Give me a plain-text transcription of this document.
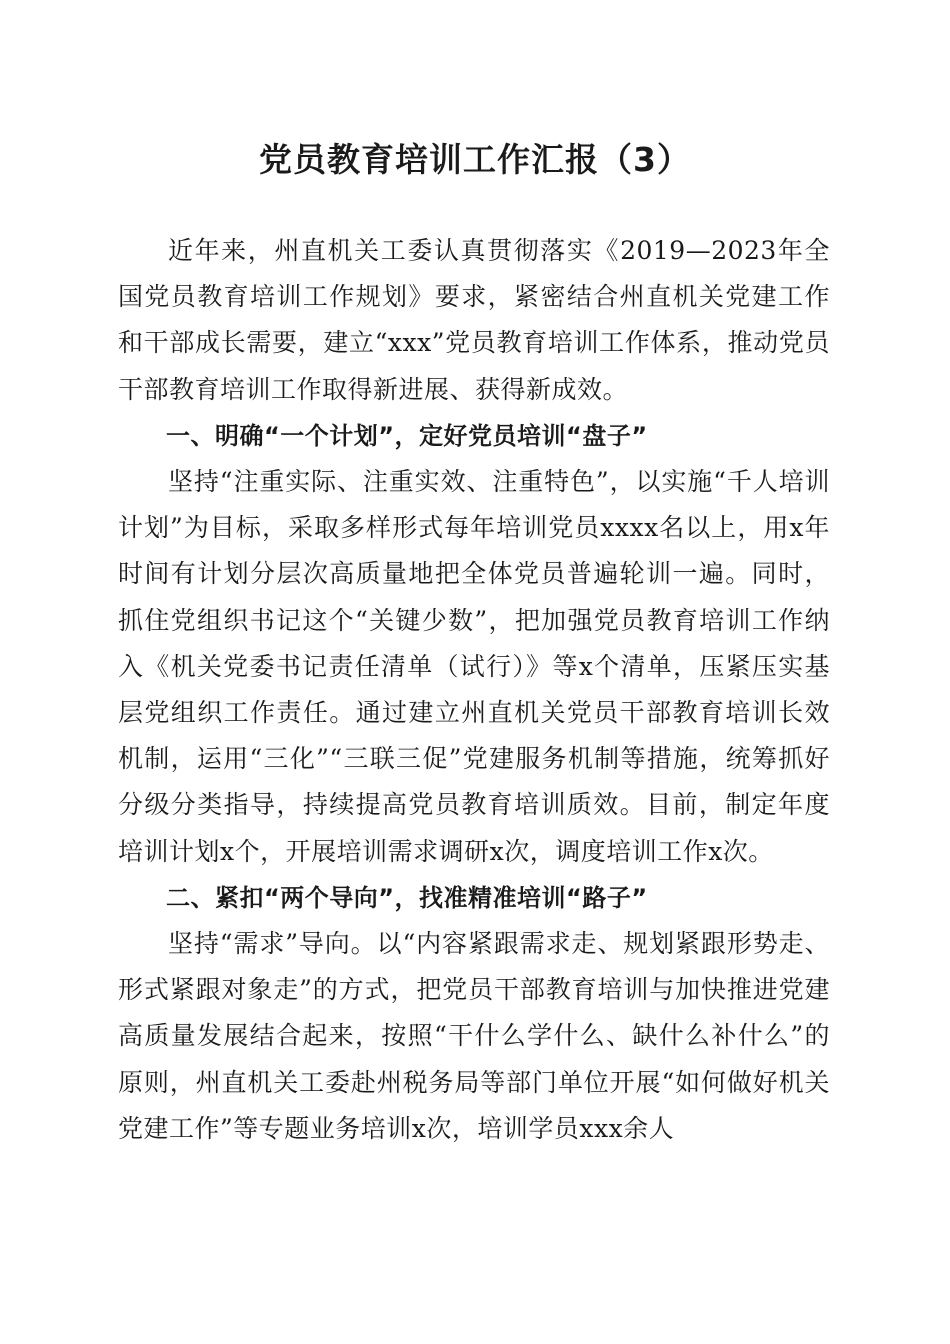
党员教育培训工作汇报（3）

近年来，州直机关工委认真贯彻落实《2019—2023年全国党员教育培训工作规划》要求，紧密结合州直机关党建工作和干部成长需要，建立“xxx”党员教育培训工作体系，推动党员干部教育培训工作取得新进展、获得新成效。

一、明确“一个计划”，定好党员培训“盘子”

坚持“注重实际、注重实效、注重特色”，以实施“千人培训计划”为目标，采取多样形式每年培训党员xxxx名以上，用x年时间有计划分层次高质量地把全体党员普遍轮训一遍。同时，抓住党组织书记这个“关键少数”，把加强党员教育培训工作纳入《机关党委书记责任清单（试行）》等x个清单，压紧压实基层党组织工作责任。通过建立州直机关党员干部教育培训长效机制，运用“三化”“三联三促”党建服务机制等措施，统筹抓好分级分类指导，持续提高党员教育培训质效。目前，制定年度培训计划x个，开展培训需求调研x次，调度培训工作x次。

二、紧扣“两个导向”，找准精准培训“路子”

坚持“需求”导向。以“内容紧跟需求走、规划紧跟形势走、形式紧跟对象走”的方式，把党员干部教育培训与加快推进党建高质量发展结合起来，按照“干什么学什么、缺什么补什么”的原则，州直机关工委赴州税务局等部门单位开展“如何做好机关党建工作”等专题业务培训x次，培训学员xxx余人
